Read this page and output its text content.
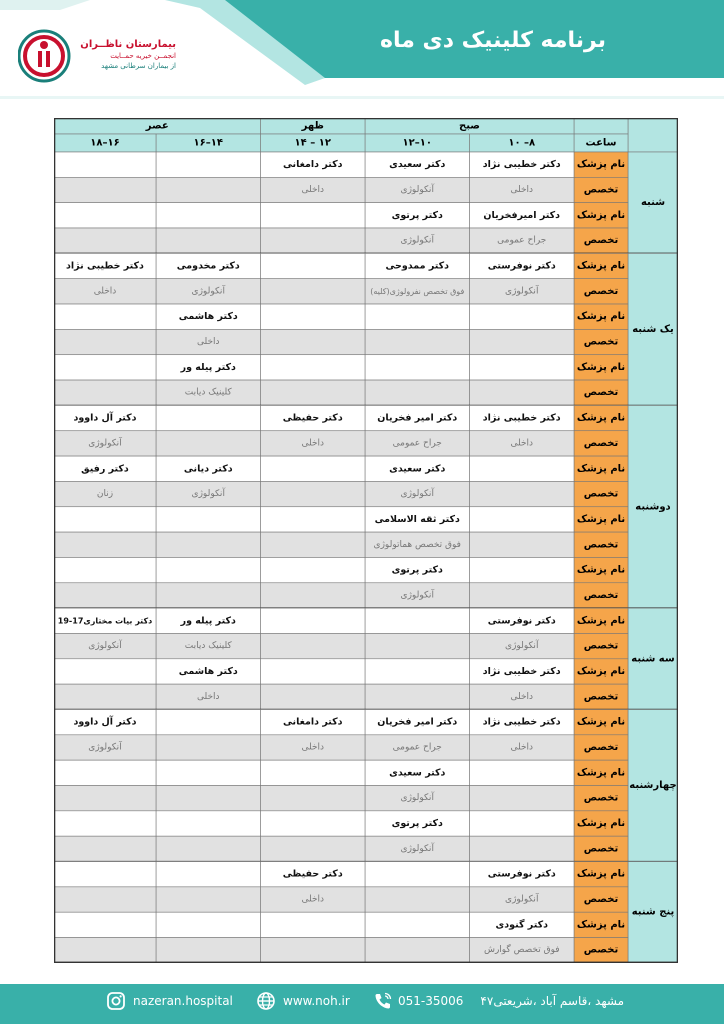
بیمارستان ناظــران
انجمــن خیریه حمــایت
از بیماران سرطانی مشهد
برنامه کلینیک دی ماه
ساعت
صبح
ظهر
عصر
۸– ۱۰
۱۰–۱۲
۱۲ – ۱۴
۱۴–۱۶
۱۶–۱۸
شنبه
نام پزشک
دکتر خطیبی نژاد
دکتر سعیدی
دکتر دامغانی
تخصص
داخلی
آنکولوژی
داخلی
نام پزشک
دکتر امیرفخریان
دکتر پرتوی
تخصص
جراح عمومی
آنکولوژی
یک شنبه
نام پزشک
دکتر نوفرستی
دکتر ممدوحی
دکتر مخدومی
دکتر خطیبی نژاد
تخصص
آنکولوژی
فوق تخصص نفرولوژی(کلیه)
آنکولوژی
داخلی
نام پزشک
دکتر هاشمی
تخصص
داخلی
نام پزشک
دکتر پیله ور
تخصص
کلینیک دیابت
دوشنبه
نام پزشک
دکتر خطیبی نژاد
دکتر امیر فخریان
دکتر حفیظی
دکتر آل داوود
تخصص
داخلی
جراح عمومی
داخلی
آنکولوژی
نام پزشک
دکتر سعیدی
دکتر دیانی
دکتر رفیق
تخصص
آنکولوژی
آنکولوژی
زنان
نام پزشک
دکتر ثقه الاسلامی
تخصص
فوق تخصص هماتولوژی
نام پزشک
دکتر پرتوی
تخصص
آنکولوژی
سه شنبه
نام پزشک
دکتر نوفرستی
دکتر پیله ور
دکتر بیات مختاری17-19
تخصص
آنکولوژی
کلینیک دیابت
آنکولوژی
نام پزشک
دکتر خطیبی نژاد
دکتر هاشمی
تخصص
داخلی
داخلی
چهارشنبه
نام پزشک
دکتر خطیبی نژاد
دکتر امیر فخریان
دکتر دامغانی
دکتر آل داوود
تخصص
داخلی
جراح عمومی
داخلی
آنکولوژی
نام پزشک
دکتر سعیدی
تخصص
آنکولوژی
نام پزشک
دکتر پرتوی
تخصص
آنکولوژی
پنج شنبه
نام پزشک
دکتر نوفرستی
دکتر حفیظی
تخصص
آنکولوژی
داخلی
نام پزشک
دکتر گنودی
تخصص
فوق تخصص گوارش
nazeran.hospital	www.noh.ir	051-35006 مشهد ،قاسم آباد ،شریعتی۴۷
